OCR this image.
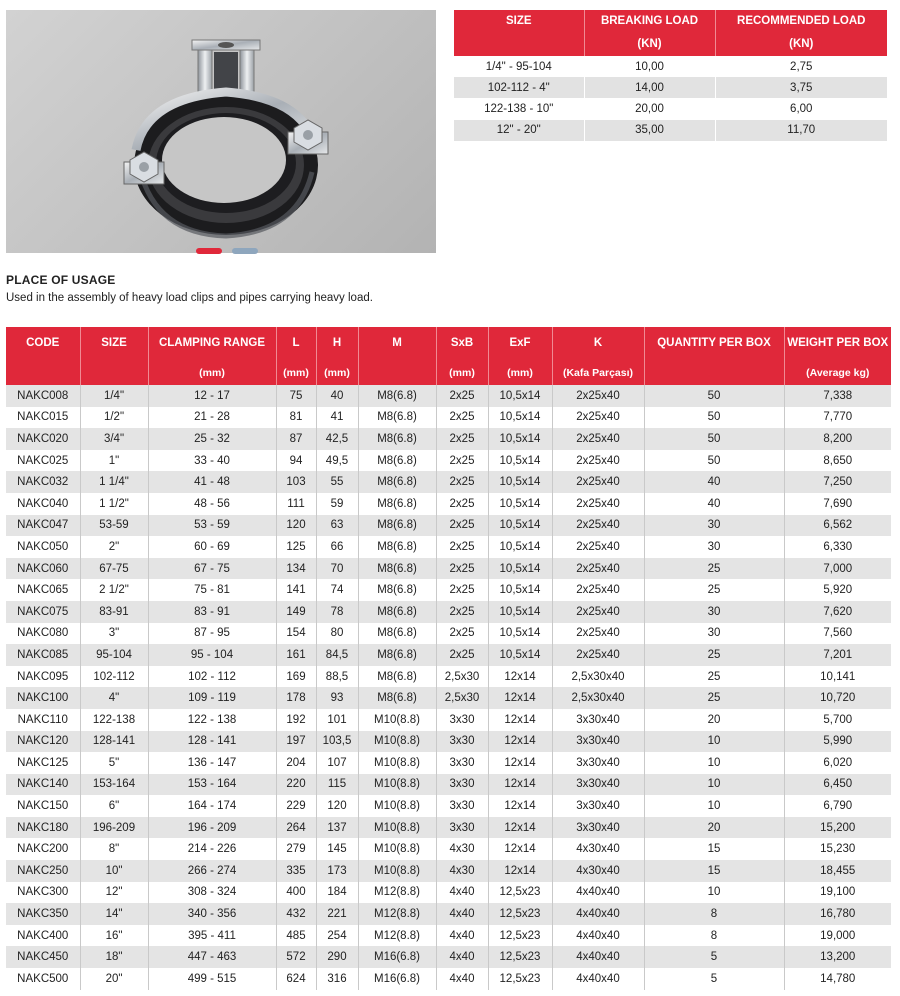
SIZE	BREAKING LOAD	RECOMMENDED LOAD
	(KN)	(KN)
1/4" - 95-104	10,00	2,75
102-112 - 4"	14,00	3,75
122-138 - 10"	20,00	6,00
12" - 20"	35,00	11,70
PLACE OF USAGE
Used in the assembly of heavy load clips and pipes carrying heavy load.
CODE	SIZE	CLAMPING RANGE	L	H	M	SxB	ExF	K	QUANTITY PER BOX	WEIGHT PER BOX
		(mm)	(mm)	(mm)		(mm)	(mm)	(Kafa Parçası)		(Average kg)
NAKC008	1/4"	12 - 17	75	40	M8(6.8)	2x25	10,5x14	2x25x40	50	7,338
NAKC015	1/2"	21 - 28	81	41	M8(6.8)	2x25	10,5x14	2x25x40	50	7,770
NAKC020	3/4"	25 - 32	87	42,5	M8(6.8)	2x25	10,5x14	2x25x40	50	8,200
NAKC025	1"	33 - 40	94	49,5	M8(6.8)	2x25	10,5x14	2x25x40	50	8,650
NAKC032	1 1/4"	41 - 48	103	55	M8(6.8)	2x25	10,5x14	2x25x40	40	7,250
NAKC040	1 1/2"	48 - 56	111	59	M8(6.8)	2x25	10,5x14	2x25x40	40	7,690
NAKC047	53-59	53 - 59	120	63	M8(6.8)	2x25	10,5x14	2x25x40	30	6,562
NAKC050	2"	60 - 69	125	66	M8(6.8)	2x25	10,5x14	2x25x40	30	6,330
NAKC060	67-75	67 - 75	134	70	M8(6.8)	2x25	10,5x14	2x25x40	25	7,000
NAKC065	2 1/2"	75 - 81	141	74	M8(6.8)	2x25	10,5x14	2x25x40	25	5,920
NAKC075	83-91	83 - 91	149	78	M8(6.8)	2x25	10,5x14	2x25x40	30	7,620
NAKC080	3"	87 - 95	154	80	M8(6.8)	2x25	10,5x14	2x25x40	30	7,560
NAKC085	95-104	95 - 104	161	84,5	M8(6.8)	2x25	10,5x14	2x25x40	25	7,201
NAKC095	102-112	102 - 112	169	88,5	M8(6.8)	2,5x30	12x14	2,5x30x40	25	10,141
NAKC100	4"	109 - 119	178	93	M8(6.8)	2,5x30	12x14	2,5x30x40	25	10,720
NAKC110	122-138	122 - 138	192	101	M10(8.8)	3x30	12x14	3x30x40	20	5,700
NAKC120	128-141	128 - 141	197	103,5	M10(8.8)	3x30	12x14	3x30x40	10	5,990
NAKC125	5"	136 - 147	204	107	M10(8.8)	3x30	12x14	3x30x40	10	6,020
NAKC140	153-164	153 - 164	220	115	M10(8.8)	3x30	12x14	3x30x40	10	6,450
NAKC150	6"	164 - 174	229	120	M10(8.8)	3x30	12x14	3x30x40	10	6,790
NAKC180	196-209	196 - 209	264	137	M10(8.8)	3x30	12x14	3x30x40	20	15,200
NAKC200	8"	214 - 226	279	145	M10(8.8)	4x30	12x14	4x30x40	15	15,230
NAKC250	10"	266 - 274	335	173	M10(8.8)	4x30	12x14	4x30x40	15	18,455
NAKC300	12"	308 - 324	400	184	M12(8.8)	4x40	12,5x23	4x40x40	10	19,100
NAKC350	14"	340 - 356	432	221	M12(8.8)	4x40	12,5x23	4x40x40	8	16,780
NAKC400	16"	395 - 411	485	254	M12(8.8)	4x40	12,5x23	4x40x40	8	19,000
NAKC450	18"	447 - 463	572	290	M16(6.8)	4x40	12,5x23	4x40x40	5	13,200
NAKC500	20"	499 - 515	624	316	M16(6.8)	4x40	12,5x23	4x40x40	5	14,780
